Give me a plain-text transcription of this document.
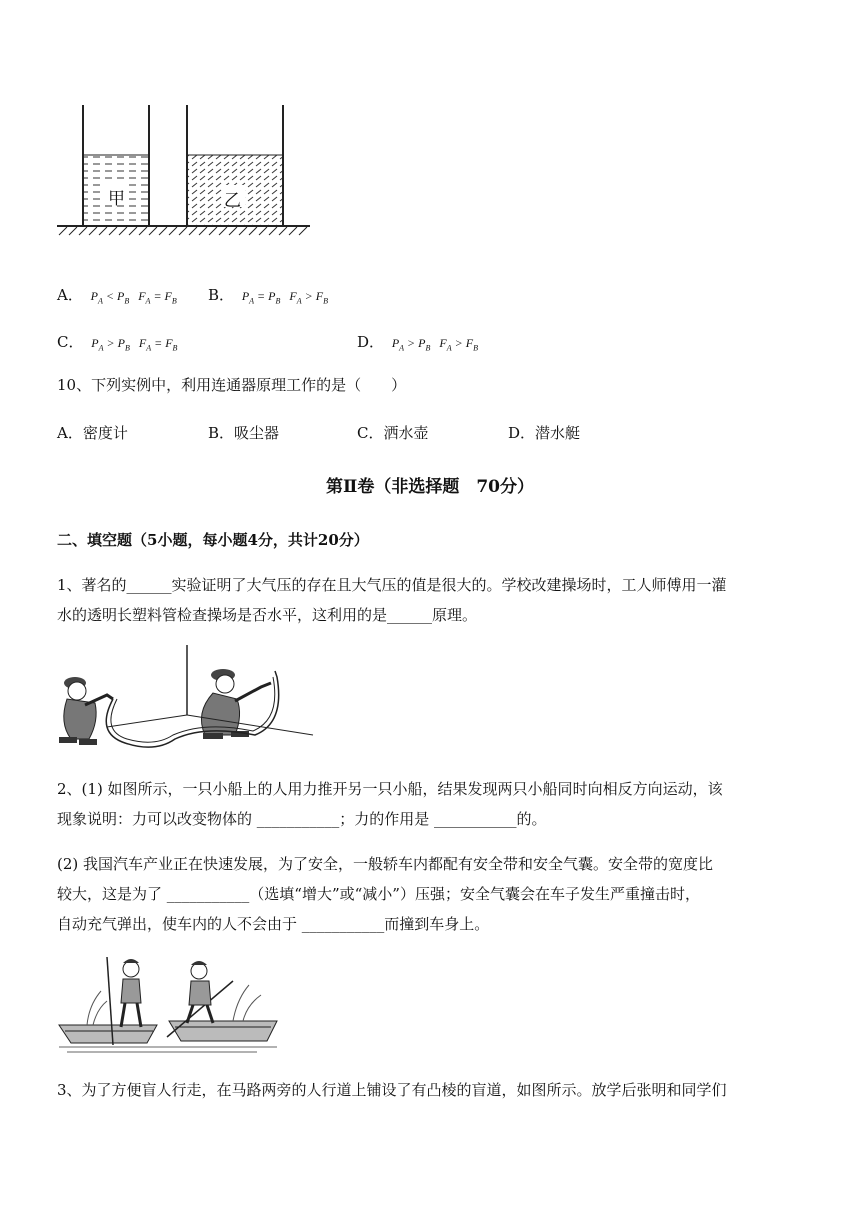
甲	乙
A． $P_A < P_B$ $F_A = F_B$ B． $P_A = P_B$ $F_A > F_B$
C． $P_A > P_B$ $F_A = F_B$	D． $P_A > P_B$ $F_A > F_B$
10、下列实例中，利用连通器原理工作的是（　　）
A．密度计	B．吸尘器	C．洒水壶	D．潜水艇
第Ⅱ卷（非选择题　70分）
二、填空题（5小题，每小题4分，共计20分）
1、著名的______实验证明了大气压的存在且大气压的值是很大的。学校改建操场时，工人师傅用一灌
水的透明长塑料管检查操场是否水平，这利用的是______原理。
2、(1) 如图所示，一只小船上的人用力推开另一只小船，结果发现两只小船同时向相反方向运动，该
现象说明：力可以改变物体的 ___________；力的作用是 ___________的。
(2) 我国汽车产业正在快速发展，为了安全，一般轿车内都配有安全带和安全气囊。安全带的宽度比
较大，这是为了 ___________（选填“增大”或“减小”）压强；安全气囊会在车子发生严重撞击时，
自动充气弹出，使车内的人不会由于 ___________而撞到车身上。
3、为了方便盲人行走，在马路两旁的人行道上铺设了有凸棱的盲道，如图所示。放学后张明和同学们
